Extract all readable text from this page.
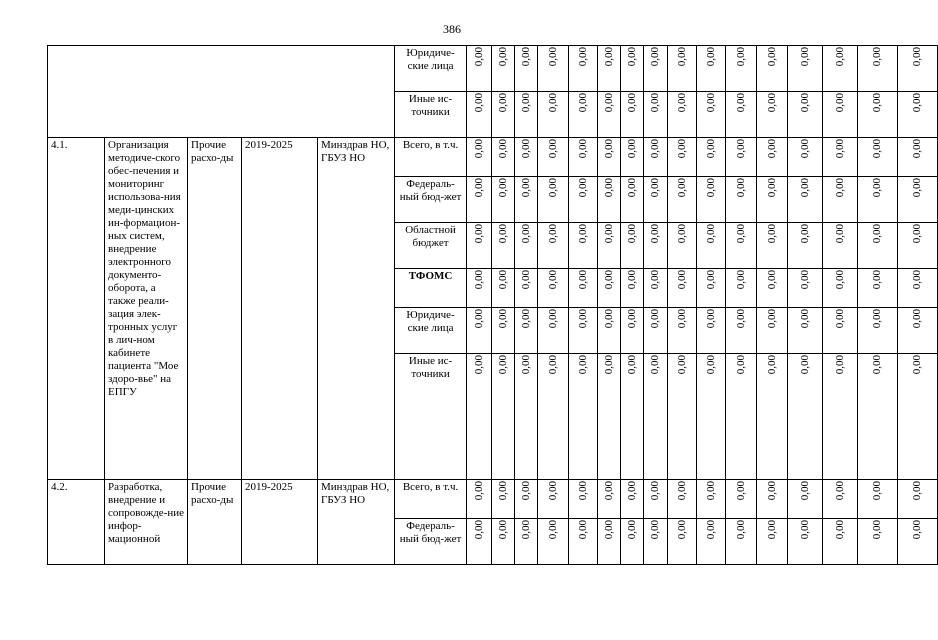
386
					Юридиче-ские лица	0,00	0,00	0,00	0,00	0,00	0,00	0,00	0,00	0,00	0,00	0,00	0,00	0,00	0,00	0,00	0,00
					Иные ис-точники	0,00	0,00	0,00	0,00	0,00	0,00	0,00	0,00	0,00	0,00	0,00	0,00	0,00	0,00	0,00	0,00
4.1.	Организация методиче-ского обес-печения и мониторинг использова-ния меди-цинских ин-формацион-ных систем, внедрение электронного документо-оборота, а также реали-зация элек-тронных услуг в лич-ном кабинете пациента "Мое здоро-вье" на ЕПГУ	Прочие расхо-ды	2019-2025	Минздрав НО, ГБУЗ НО	Всего, в т.ч.	0,00	0,00	0,00	0,00	0,00	0,00	0,00	0,00	0,00	0,00	0,00	0,00	0,00	0,00	0,00	0,00
					Федераль-ный бюд-жет	0,00	0,00	0,00	0,00	0,00	0,00	0,00	0,00	0,00	0,00	0,00	0,00	0,00	0,00	0,00	0,00
					Областной бюджет	0,00	0,00	0,00	0,00	0,00	0,00	0,00	0,00	0,00	0,00	0,00	0,00	0,00	0,00	0,00	0,00
					ТФОМС	0,00	0,00	0,00	0,00	0,00	0,00	0,00	0,00	0,00	0,00	0,00	0,00	0,00	0,00	0,00	0,00
					Юридиче-ские лица	0,00	0,00	0,00	0,00	0,00	0,00	0,00	0,00	0,00	0,00	0,00	0,00	0,00	0,00	0,00	0,00
					Иные ис-точники	0,00	0,00	0,00	0,00	0,00	0,00	0,00	0,00	0,00	0,00	0,00	0,00	0,00	0,00	0,00	0,00
4.2.	Разработка, внедрение и сопровожде-ние инфор-мационной	Прочие расхо-ды	2019-2025	Минздрав НО, ГБУЗ НО	Всего, в т.ч.	0,00	0,00	0,00	0,00	0,00	0,00	0,00	0,00	0,00	0,00	0,00	0,00	0,00	0,00	0,00	0,00
					Федераль-ный бюд-жет	0,00	0,00	0,00	0,00	0,00	0,00	0,00	0,00	0,00	0,00	0,00	0,00	0,00	0,00	0,00	0,00
